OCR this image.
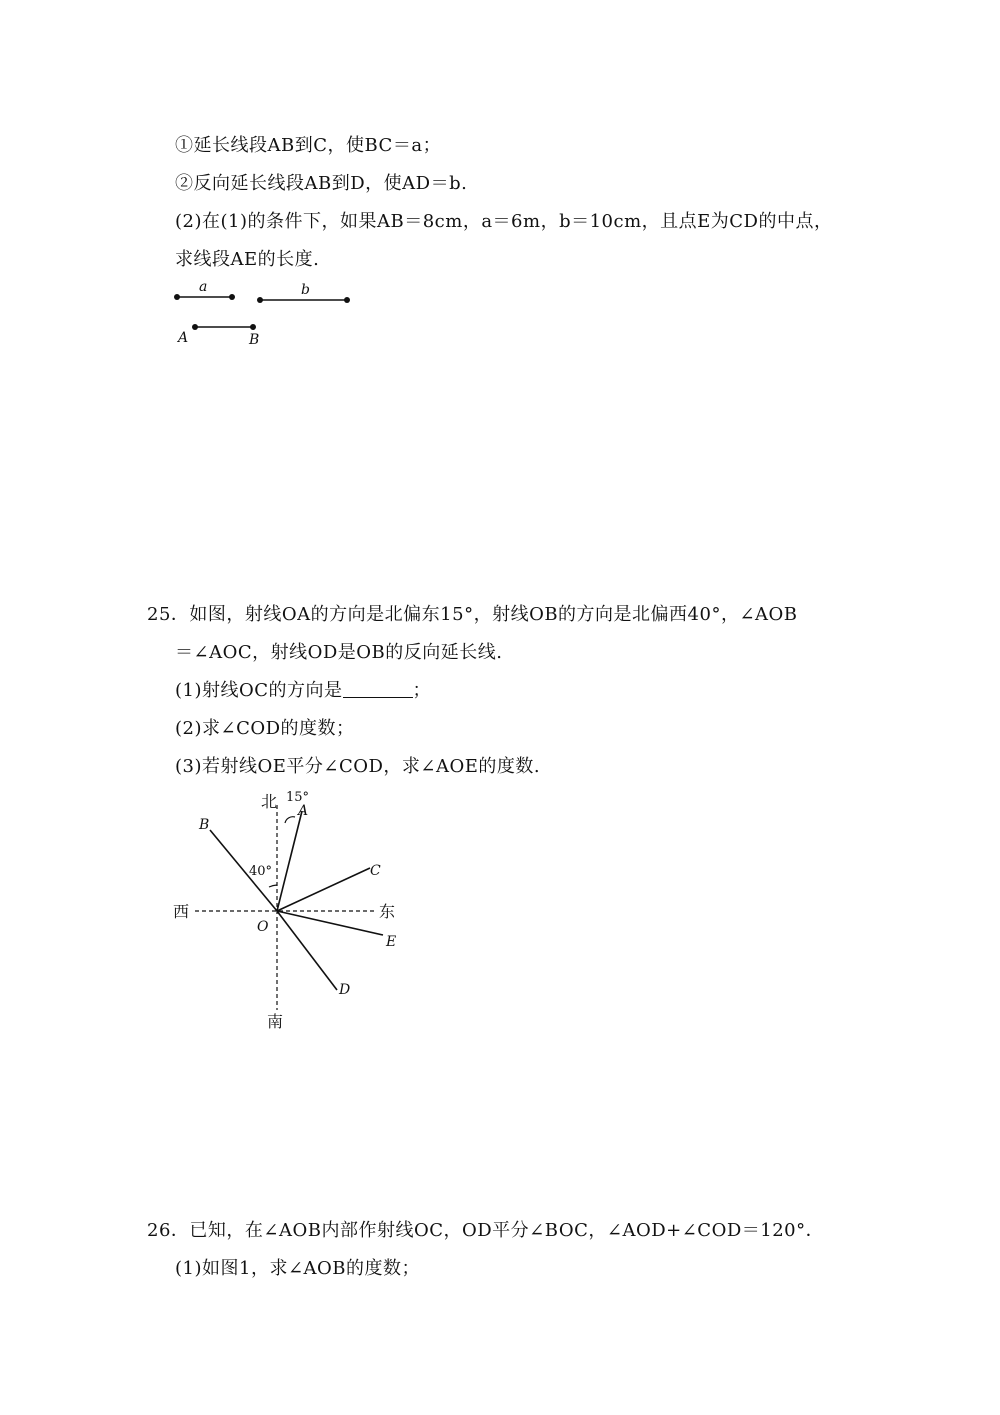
①延长线段AB到C，使BC＝a；
②反向延长线段AB到D，使AD＝b.
(2)在(1)的条件下，如果AB＝8cm，a＝6m，b＝10cm，且点E为CD的中点，
求线段AE的长度.
a	b
A	B
25．如图，射线OA的方向是北偏东15°，射线OB的方向是北偏西40°，∠AOB
＝∠AOC，射线OD是OB的反向延长线.
(1)射线OC的方向是	；
(2)求∠COD的度数；
(3)若射线OE平分∠COD，求∠AOE的度数.
北 15°
A
B
40°	C
西	东
O
E
D
南
26．已知，在∠AOB内部作射线OC，OD平分∠BOC，∠AOD+∠COD＝120°．
(1)如图1，求∠AOB的度数；
